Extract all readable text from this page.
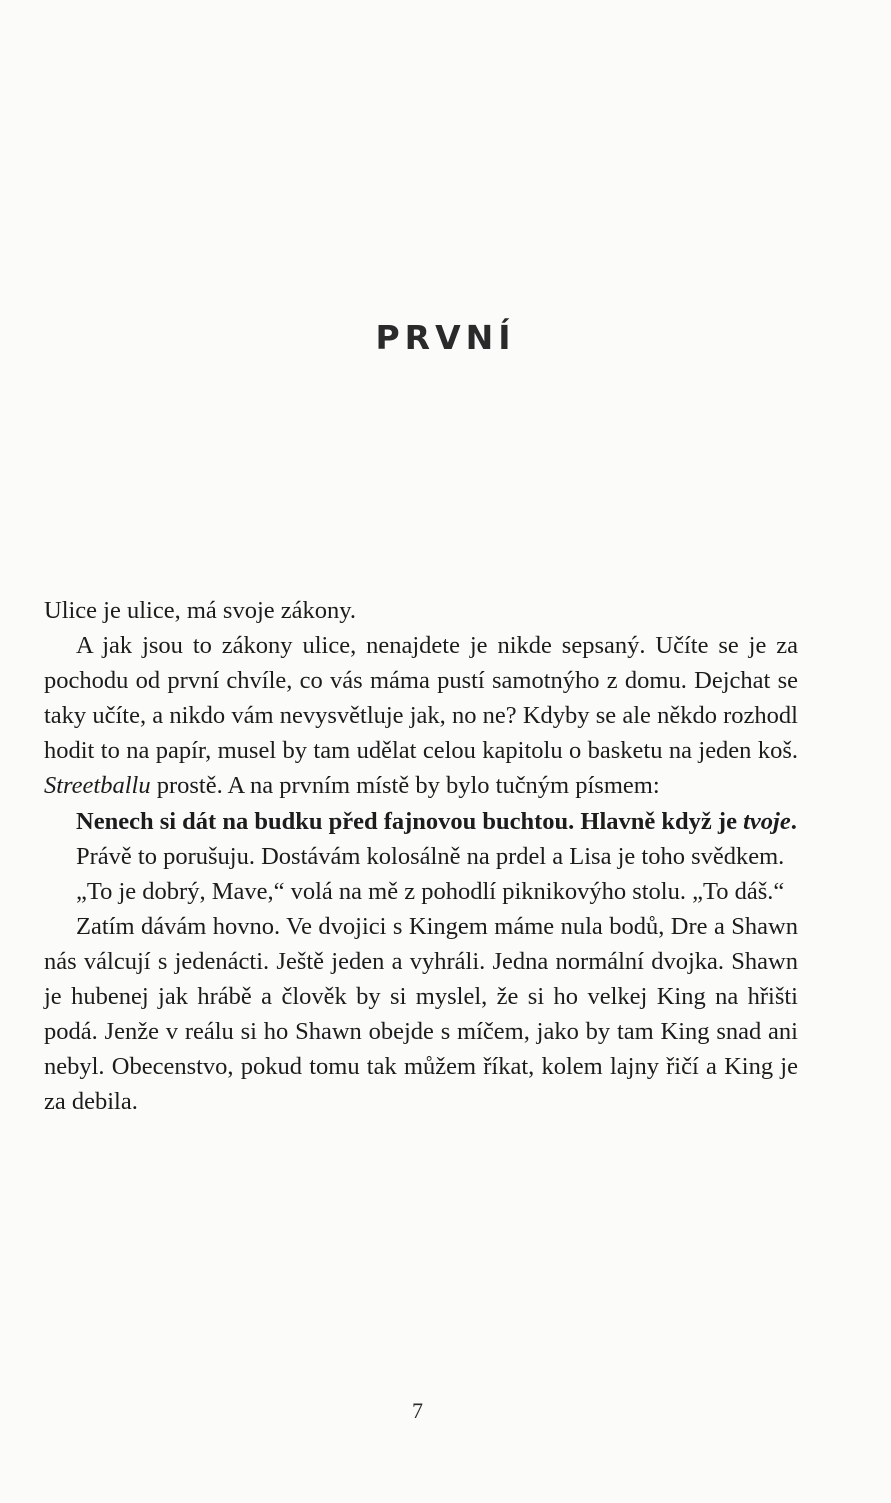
PRVNÍ

Ulice je ulice, má svoje zákony.

A jak jsou to zákony ulice, nenajdete je nikde sepsaný. Učíte se je za pochodu od první chvíle, co vás máma pustí samotnýho z domu. Dejchat se taky učíte, a nikdo vám nevysvětluje jak, no ne? Kdyby se ale někdo rozhodl hodit to na papír, musel by tam udělat celou kapitolu o basketu na jeden koš. Streetballu prostě. A na prvním místě by bylo tučným písmem:

Nenech si dát na budku před fajnovou buchtou. Hlavně když je tvoje.

Právě to porušuju. Dostávám kolosálně na prdel a Lisa je toho svědkem.

„To je dobrý, Mave,“ volá na mě z pohodlí piknikovýho stolu. „To dáš.“

Zatím dávám hovno. Ve dvojici s Kingem máme nula bodů, Dre a Shawn nás válcují s jedenácti. Ještě jeden a vyhráli. Jedna normální dvojka. Shawn je hubenej jak hrábě a člověk by si myslel, že si ho velkej King na hřišti podá. Jenže v reálu si ho Shawn obejde s míčem, jako by tam King snad ani nebyl. Obecenstvo, pokud tomu tak můžem říkat, kolem lajny řičí a King je za debila.

7
